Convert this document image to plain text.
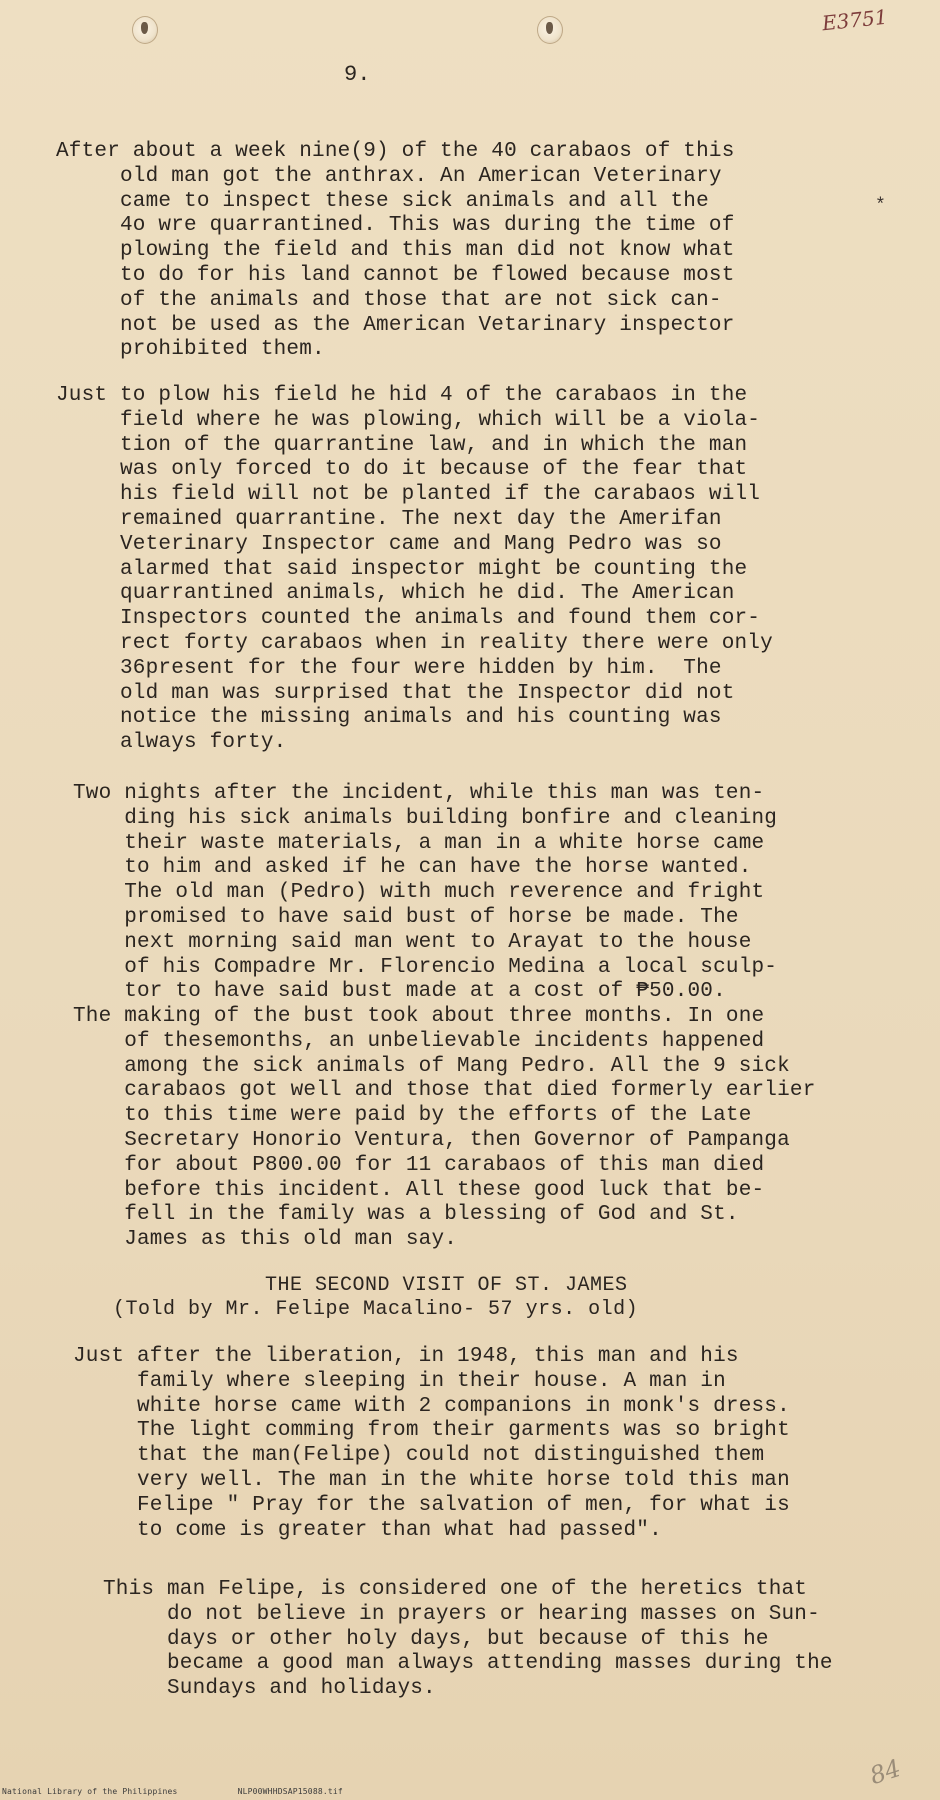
E3751
9.

After about a week nine(9) of the 40 carabaos of this
old man got the anthrax. An American Veterinary
came to inspect these sick animals and all the
4o wre quarrantined. This was during the time of
plowing the field and this man did not know what
to do for his land cannot be flowed because most
of the animals and those that are not sick can-
not be used as the American Vetarinary inspector
prohibited them.

*

Just to plow his field he hid 4 of the carabaos in the
field where he was plowing, which will be a viola-
tion of the quarrantine law, and in which the man
was only forced to do it because of the fear that
his field will not be planted if the carabaos will
remained quarrantine. The next day the Amerifan
Veterinary Inspector came and Mang Pedro was so
alarmed that said inspector might be counting the
quarrantined animals, which he did. The American
Inspectors counted the animals and found them cor-
rect forty carabaos when in reality there were only
36present for the four were hidden by him.  The
old man was surprised that the Inspector did not
notice the missing animals and his counting was
always forty.

Two nights after the incident, while this man was ten-
ding his sick animals building bonfire and cleaning
their waste materials, a man in a white horse came
to him and asked if he can have the horse wanted.
The old man (Pedro) with much reverence and fright
promised to have said bust of horse be made. The
next morning said man went to Arayat to the house
of his Compadre Mr. Florencio Medina a local sculp-
tor to have said bust made at a cost of ₱50.00.

The making of the bust took about three months. In one
of thesemonths, an unbelievable incidents happened
among the sick animals of Mang Pedro. All the 9 sick
carabaos got well and those that died formerly earlier
to this time were paid by the efforts of the Late
Secretary Honorio Ventura, then Governor of Pampanga
for about P800.00 for 11 carabaos of this man died
before this incident. All these good luck that be-
fell in the family was a blessing of God and St.
James as this old man say.

THE SECOND VISIT OF ST. JAMES

(Told by Mr. Felipe Macalino- 57 yrs. old)

Just after the liberation, in 1948, this man and his
family where sleeping in their house. A man in
white horse came with 2 companions in monk's dress.
The light comming from their garments was so bright
that the man(Felipe) could not distinguished them
very well. The man in the white horse told this man
Felipe " Pray for the salvation of men, for what is
to come is greater than what had passed".

This man Felipe, is considered one of the heretics that
do not believe in prayers or hearing masses on Sun-
days or other holy days, but because of this he
became a good man always attending masses during the
Sundays and holidays.

84
National Library of the Philippines	NLP00WHHDSAP15088.tif
